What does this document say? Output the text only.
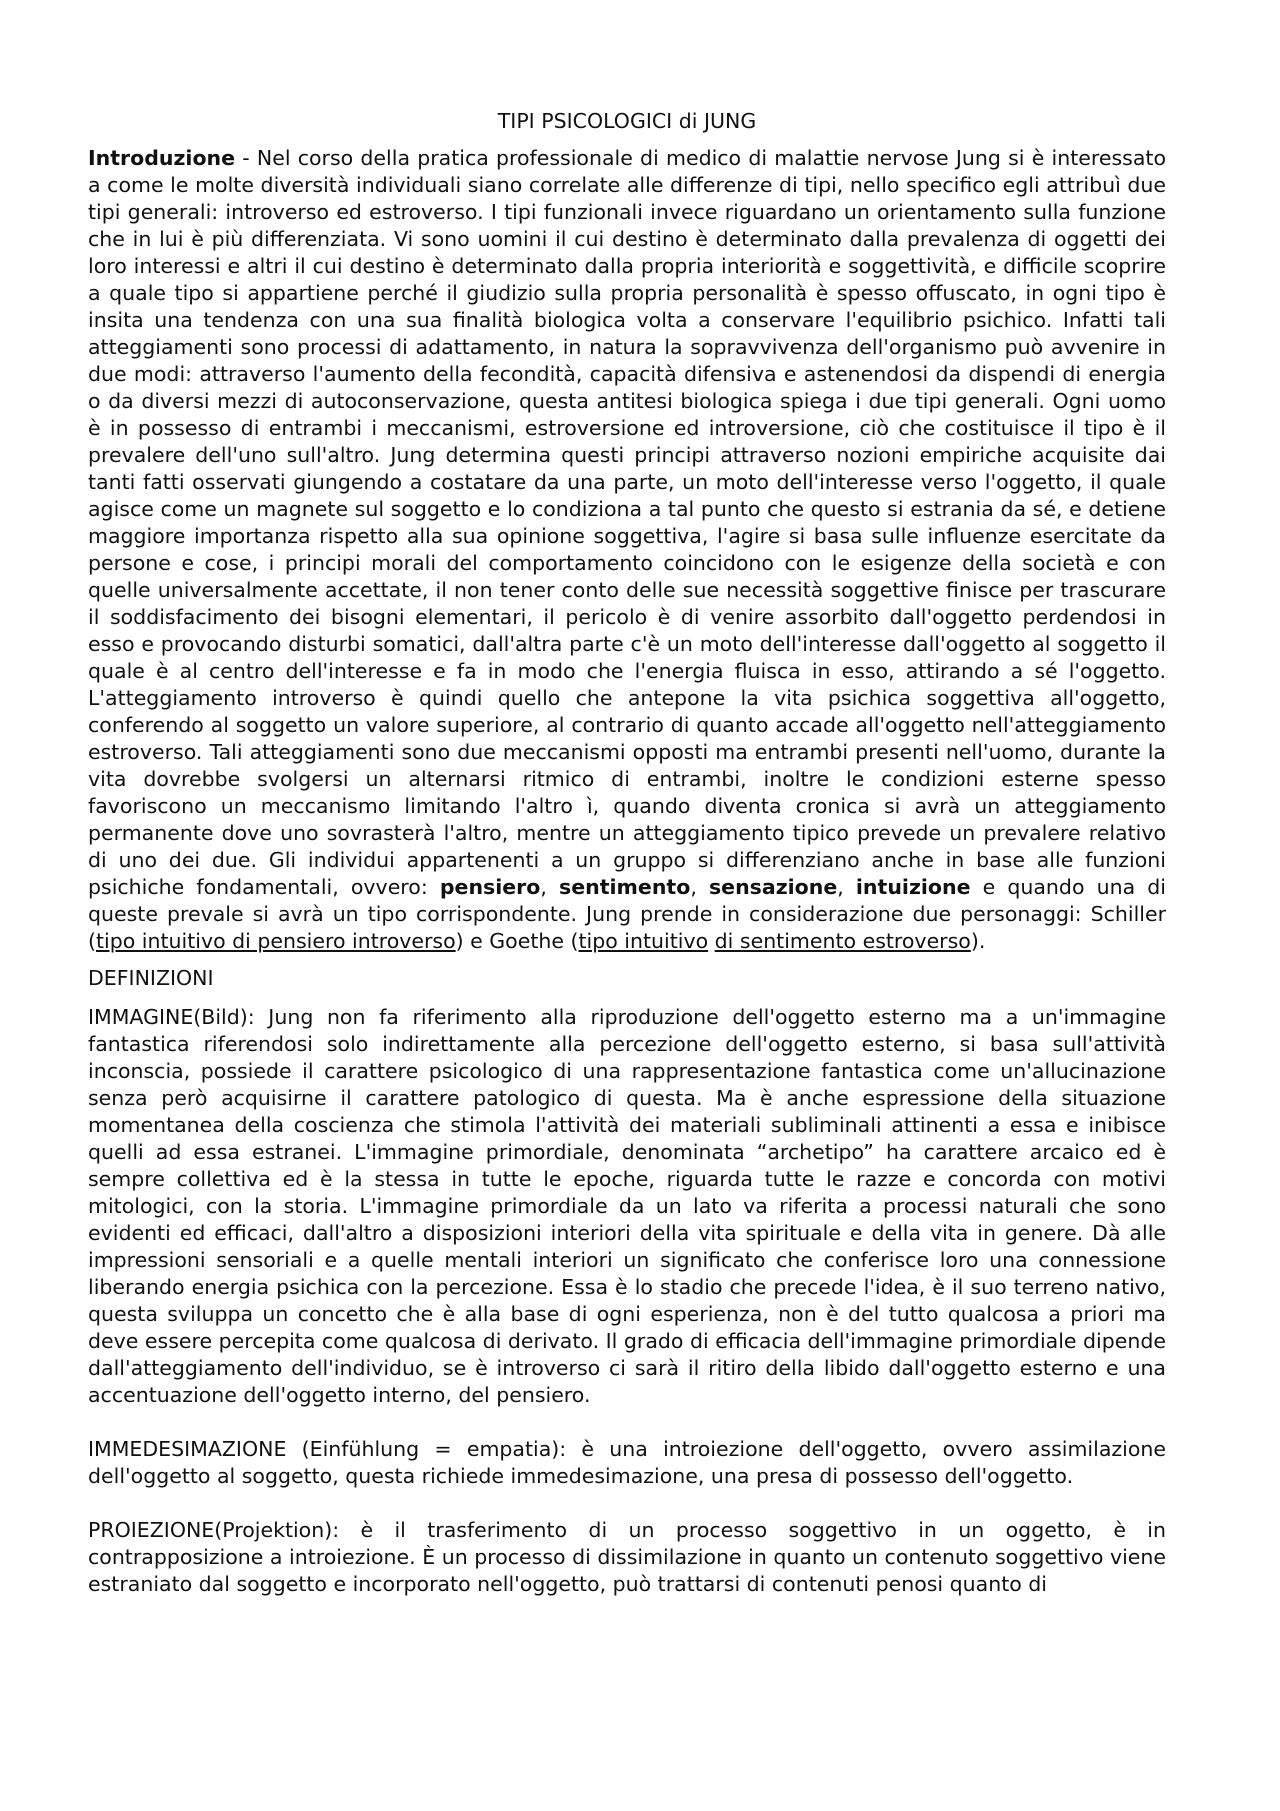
TIPI PSICOLOGICI di JUNG

Introduzione - Nel corso della pratica professionale di medico di malattie nervose Jung si è interessato a come le molte diversità individuali siano correlate alle differenze di tipi, nello specifico egli attribuì due tipi generali: introverso ed estroverso. I tipi funzionali invece riguardano un orientamento sulla funzione che in lui è più differenziata. Vi sono uomini il cui destino è determinato dalla prevalenza di oggetti dei loro interessi e altri il cui destino è determinato dalla propria interiorità e soggettività, e difficile scoprire a quale tipo si appartiene perché il giudizio sulla propria personalità è spesso offuscato, in ogni tipo è insita una tendenza con una sua finalità biologica volta a conservare l'equilibrio psichico. Infatti tali atteggiamenti sono processi di adattamento, in natura la sopravvivenza dell'organismo può avvenire in due modi: attraverso l'aumento della fecondità, capacità difensiva e astenendosi da dispendi di energia o da diversi mezzi di autoconservazione, questa antitesi biologica spiega i due tipi generali. Ogni uomo è in possesso di entrambi i meccanismi, estroversione ed introversione, ciò che costituisce il tipo è il prevalere dell'uno sull'altro. Jung determina questi principi attraverso nozioni empiriche acquisite dai tanti fatti osservati giungendo a costatare da una parte, un moto dell'interesse verso l'oggetto, il quale agisce come un magnete sul soggetto e lo condiziona a tal punto che questo si estrania da sé, e detiene maggiore importanza rispetto alla sua opinione soggettiva, l'agire si basa sulle influenze esercitate da persone e cose, i principi morali del comportamento coincidono con le esigenze della società e con quelle universalmente accettate, il non tener conto delle sue necessità soggettive finisce per trascurare il soddisfacimento dei bisogni elementari, il pericolo è di venire assorbito dall'oggetto perdendosi in esso e provocando disturbi somatici, dall'altra parte c'è un moto dell'interesse dall'oggetto al soggetto il quale è al centro dell'interesse e fa in modo che l'energia fluisca in esso, attirando a sé l'oggetto. L'atteggiamento introverso è quindi quello che antepone la vita psichica soggettiva all'oggetto, conferendo al soggetto un valore superiore, al contrario di quanto accade all'oggetto nell'atteggiamento estroverso. Tali atteggiamenti sono due meccanismi opposti ma entrambi presenti nell'uomo, durante la vita dovrebbe svolgersi un alternarsi ritmico di entrambi, inoltre le condizioni esterne spesso favoriscono un meccanismo limitando l'altro ì, quando diventa cronica si avrà un atteggiamento permanente dove uno sovrasterà l'altro, mentre un atteggiamento tipico prevede un prevalere relativo di uno dei due. Gli individui appartenenti a un gruppo si differenziano anche in base alle funzioni psichiche fondamentali, ovvero: pensiero, sentimento, sensazione, intuizione e quando una di queste prevale si avrà un tipo corrispondente. Jung prende in considerazione due personaggi: Schiller (tipo intuitivo di pensiero introverso) e Goethe (tipo intuitivo di sentimento estroverso).

DEFINIZIONI

IMMAGINE(Bild): Jung non fa riferimento alla riproduzione dell'oggetto esterno ma a un'immagine fantastica riferendosi solo indirettamente alla percezione dell'oggetto esterno, si basa sull'attività inconscia, possiede il carattere psicologico di una rappresentazione fantastica come un'allucinazione senza però acquisirne il carattere patologico di questa. Ma è anche espressione della situazione momentanea della coscienza che stimola l'attività dei materiali subliminali attinenti a essa e inibisce quelli ad essa estranei. L'immagine primordiale, denominata “archetipo” ha carattere arcaico ed è sempre collettiva ed è la stessa in tutte le epoche, riguarda tutte le razze e concorda con motivi mitologici, con la storia. L'immagine primordiale da un lato va riferita a processi naturali che sono evidenti ed efficaci, dall'altro a disposizioni interiori della vita spirituale e della vita in genere. Dà alle impressioni sensoriali e a quelle mentali interiori un significato che conferisce loro una connessione liberando energia psichica con la percezione. Essa è lo stadio che precede l'idea, è il suo terreno nativo, questa sviluppa un concetto che è alla base di ogni esperienza, non è del tutto qualcosa a priori ma deve essere percepita come qualcosa di derivato. Il grado di efficacia dell'immagine primordiale dipende dall'atteggiamento dell'individuo, se è introverso ci sarà il ritiro della libido dall'oggetto esterno e una accentuazione dell'oggetto interno, del pensiero.

IMMEDESIMAZIONE (Einfühlung = empatia): è una introiezione dell'oggetto, ovvero assimilazione dell'oggetto al soggetto, questa richiede immedesimazione, una presa di possesso dell'oggetto.

PROIEZIONE(Projektion): è il trasferimento di un processo soggettivo in un oggetto, è in contrapposizione a introiezione. È un processo di dissimilazione in quanto un contenuto soggettivo viene estraniato dal soggetto e incorporato nell'oggetto, può trattarsi di contenuti penosi quanto di
